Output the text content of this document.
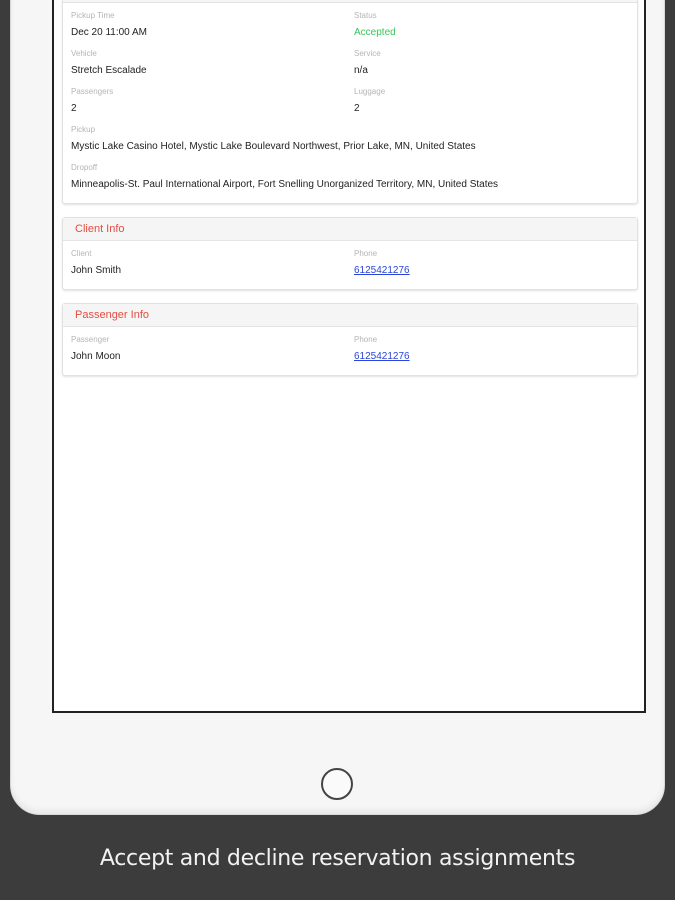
Pickup Time
Dec 20 11:00 AM
Status
Accepted
Vehicle
Stretch Escalade
Service
n/a
Passengers
2
Luggage
2
Pickup
Mystic Lake Casino Hotel, Mystic Lake Boulevard Northwest, Prior Lake, MN, United States
Dropoff
Minneapolis-St. Paul International Airport, Fort Snelling Unorganized Territory, MN, United States
Client Info
Client
John Smith
Phone
6125421276
Passenger Info
Passenger
John Moon
Phone
6125421276
Accept and decline reservation assignments
